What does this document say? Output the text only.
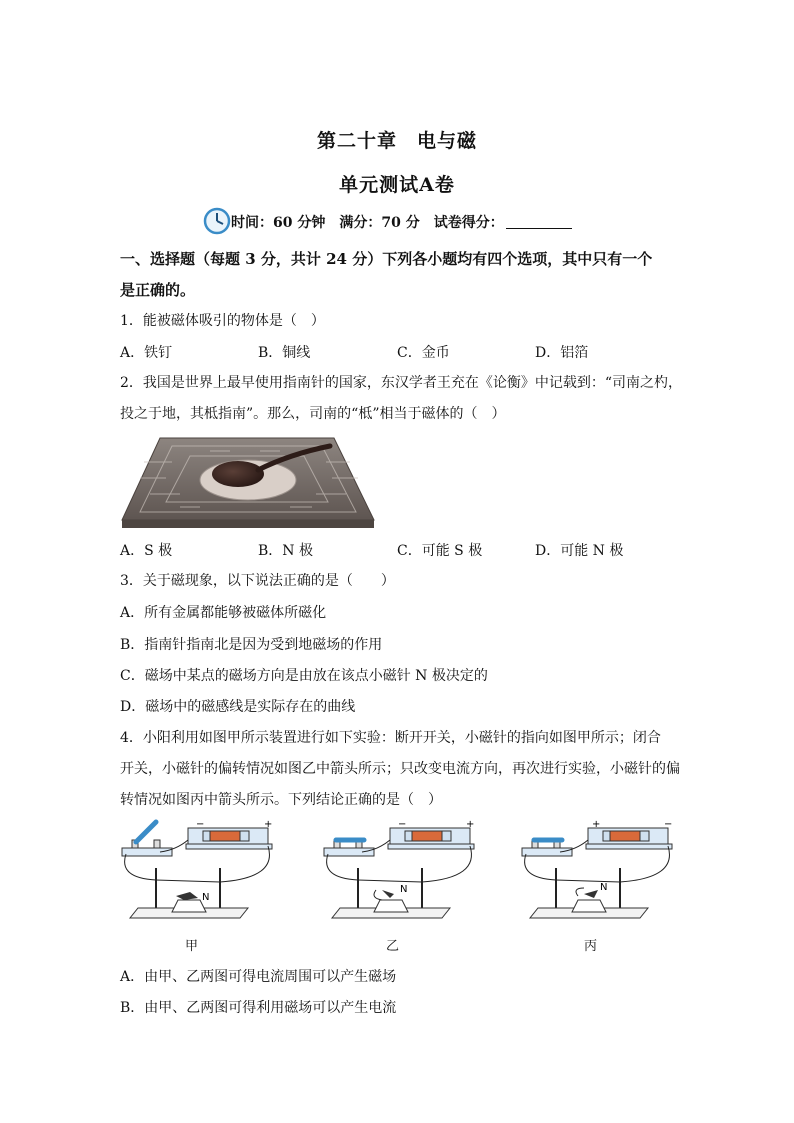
第二十章　电与磁
单元测试A卷
时间：60 分钟　满分：70 分　试卷得分：
一、选择题（每题 3 分，共计 24 分）下列各小题均有四个选项，其中只有一个
是正确的。
1．能被磁体吸引的物体是（　）
A．铁钉	B．铜线	C．金币	D．铝箔
2．我国是世界上最早使用指南针的国家，东汉学者王充在《论衡》中记载到：“司南之杓，
投之于地，其柢指南”。那么，司南的“柢”相当于磁体的（　）
A．S 极	B．N 极	C．可能 S 极	D．可能 N 极
3．关于磁现象，以下说法正确的是（　　）
A．所有金属都能够被磁体所磁化
B．指南针指南北是因为受到地磁场的作用
C．磁场中某点的磁场方向是由放在该点小磁针 N 极决定的
D．磁场中的磁感线是实际存在的曲线
4．小阳利用如图甲所示装置进行如下实验：断开开关，小磁针的指向如图甲所示；闭合
开关，小磁针的偏转情况如图乙中箭头所示；只改变电流方向，再次进行实验，小磁针的偏
转情况如图丙中箭头所示。下列结论正确的是（　）
−	+
N
甲
−	+
N
乙
+	−
N
丙
A．由甲、乙两图可得电流周围可以产生磁场
B．由甲、乙两图可得利用磁场可以产生电流
